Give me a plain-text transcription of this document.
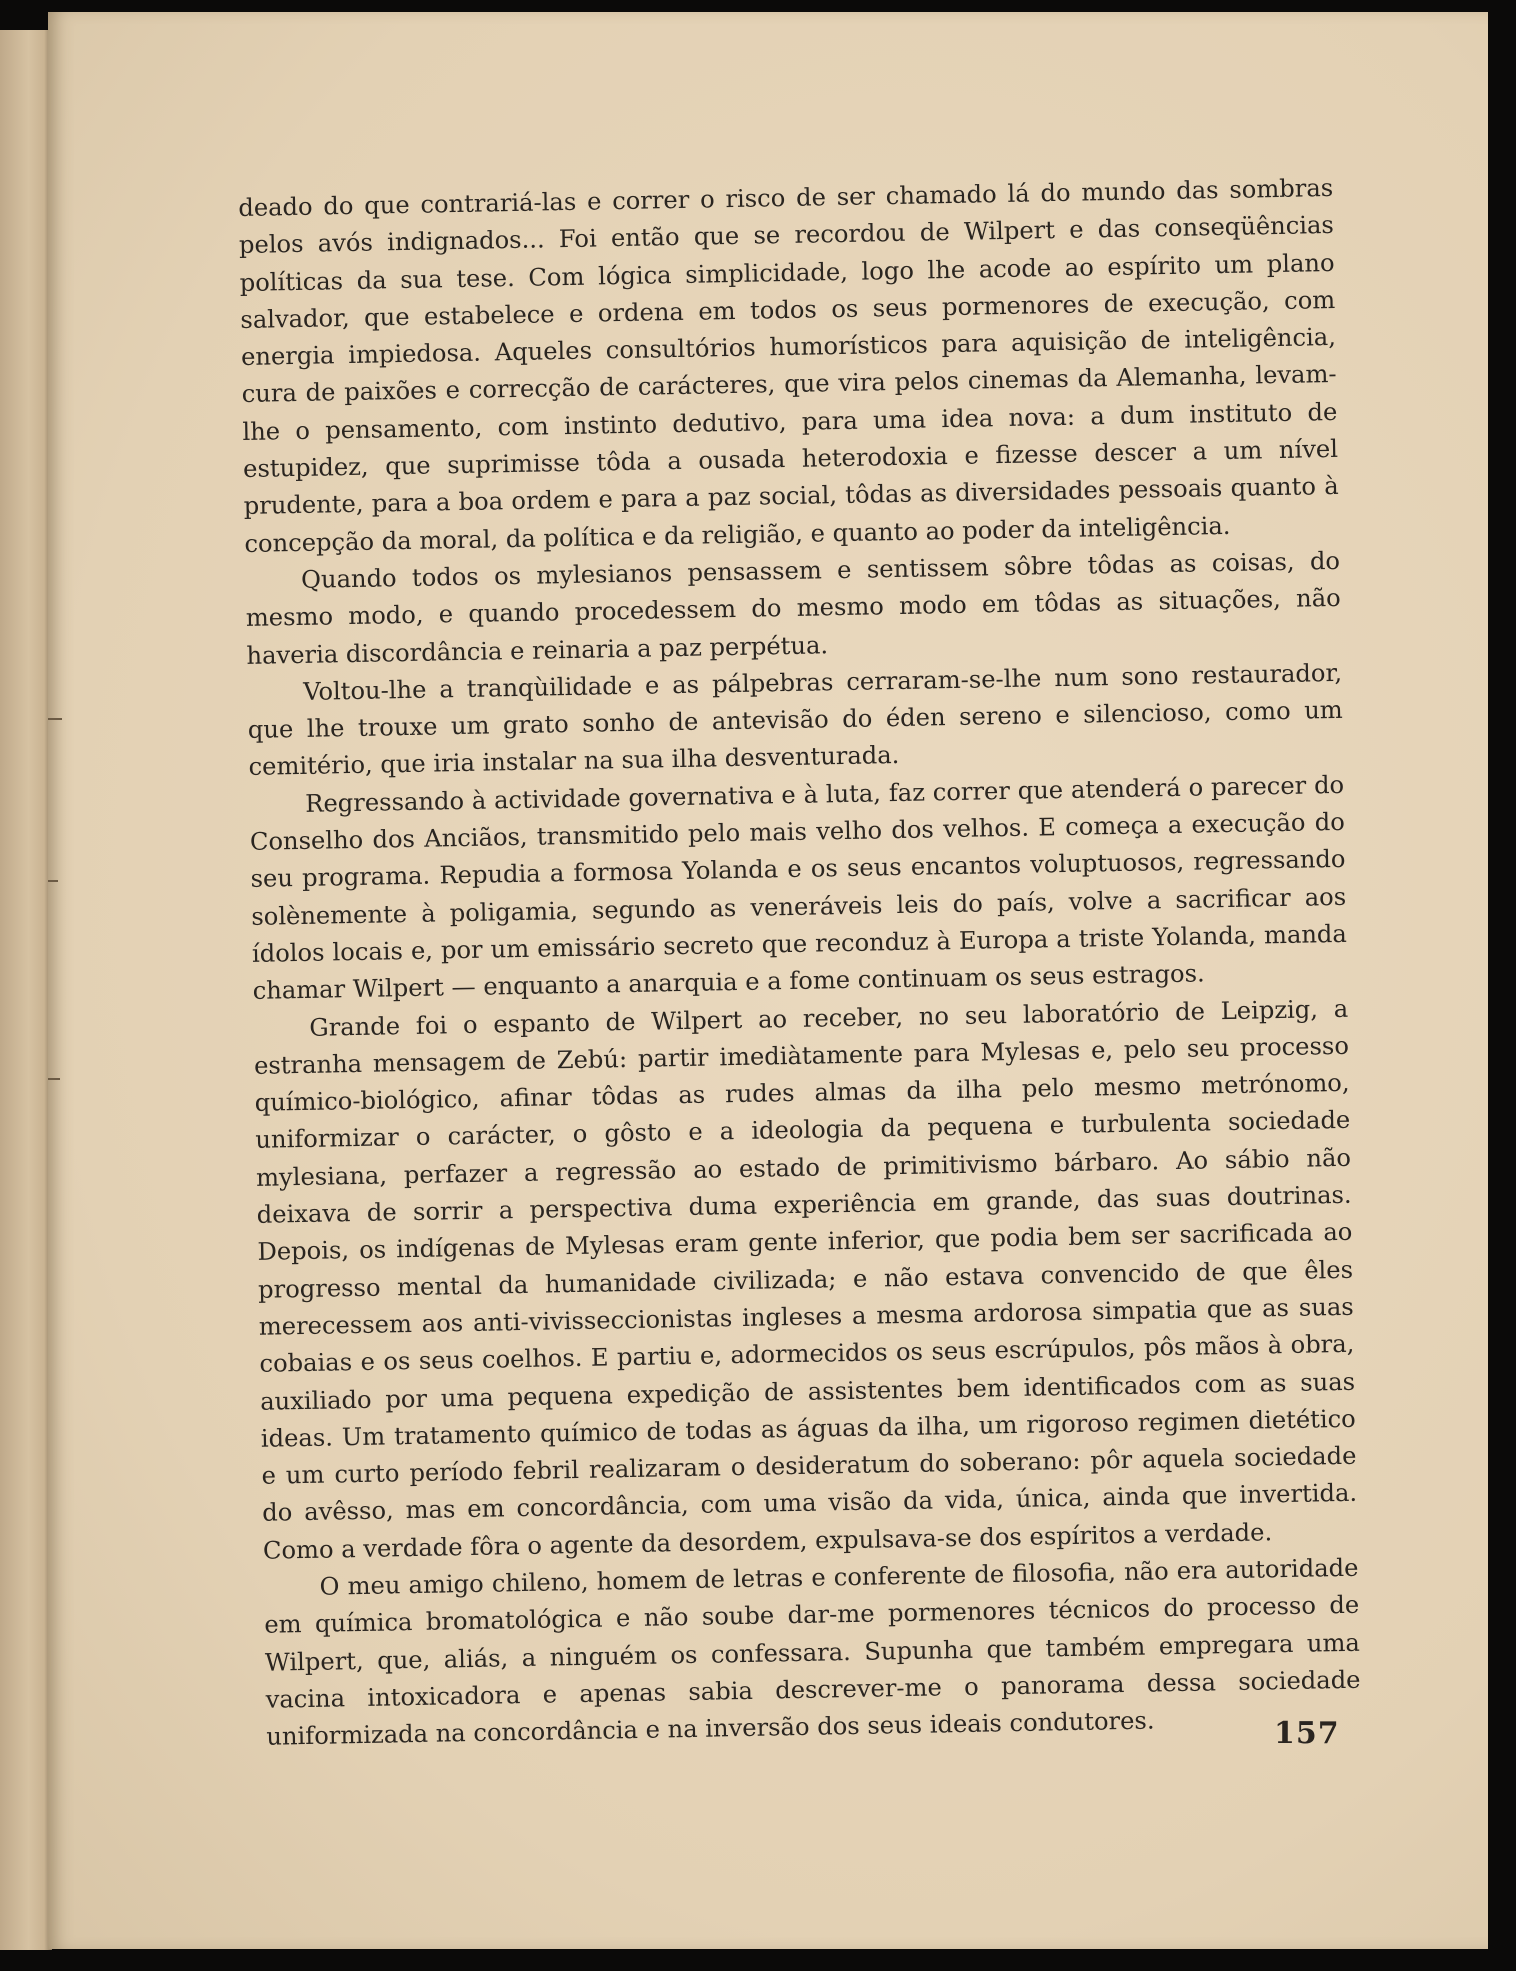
deado do que contrariá-las e correr o risco de ser chamado lá do mundo das sombras pelos avós indignados... Foi então que se recordou de Wilpert e das conseqüências políticas da sua tese. Com lógica simplicidade, logo lhe acode ao espírito um plano salvador, que estabelece e ordena em todos os seus pormenores de execução, com energia impiedosa. Aqueles consultórios humorísticos para aquisição de inteligência, cura de paixões e correcção de carácteres, que vira pelos cinemas da Alemanha, levam-lhe o pensamento, com instinto dedutivo, para uma idea nova: a dum instituto de estupidez, que suprimisse tôda a ousada heterodoxia e fizesse descer a um nível prudente, para a boa ordem e para a paz social, tôdas as diversidades pessoais quanto à concepção da moral, da política e da religião, e quanto ao poder da inteligência.

Quando todos os mylesianos pensassem e sentissem sôbre tôdas as coisas, do mesmo modo, e quando procedessem do mesmo modo em tôdas as situações, não haveria discordância e reinaria a paz perpétua.

Voltou-lhe a tranqùilidade e as pálpebras cerraram-se-lhe num sono restaurador, que lhe trouxe um grato sonho de antevisão do éden sereno e silencioso, como um cemitério, que iria instalar na sua ilha desventurada.

Regressando à actividade governativa e à luta, faz correr que atenderá o parecer do Conselho dos Anciãos, transmitido pelo mais velho dos velhos. E começa a execução do seu programa. Repudia a formosa Yolanda e os seus encantos voluptuosos, regressando solènemente à poligamia, segundo as veneráveis leis do país, volve a sacrificar aos ídolos locais e, por um emissário secreto que reconduz à Europa a triste Yolanda, manda chamar Wilpert — enquanto a anarquia e a fome continuam os seus estragos.

Grande foi o espanto de Wilpert ao receber, no seu laboratório de Leipzig, a estranha mensagem de Zebú: partir imediàtamente para Mylesas e, pelo seu processo químico-biológico, afinar tôdas as rudes almas da ilha pelo mesmo metrónomo, uniformizar o carácter, o gôsto e a ideologia da pequena e turbulenta sociedade mylesiana, perfazer a regressão ao estado de primitivismo bárbaro. Ao sábio não deixava de sorrir a perspectiva duma experiência em grande, das suas doutrinas. Depois, os indígenas de Mylesas eram gente inferior, que podia bem ser sacrificada ao progresso mental da humanidade civilizada; e não estava convencido de que êles merecessem aos anti-vivisseccionistas ingleses a mesma ardorosa simpatia que as suas cobaias e os seus coelhos. E partiu e, adormecidos os seus escrúpulos, pôs mãos à obra, auxiliado por uma pequena expedição de assistentes bem identificados com as suas ideas. Um tratamento químico de todas as águas da ilha, um rigoroso regimen dietético e um curto período febril realizaram o desideratum do soberano: pôr aquela sociedade do avêsso, mas em concordância, com uma visão da vida, única, ainda que invertida. Como a verdade fôra o agente da desordem, expulsava-se dos espíritos a verdade.

O meu amigo chileno, homem de letras e conferente de filosofia, não era autoridade em química bromatológica e não soube dar-me pormenores técnicos do processo de Wilpert, que, aliás, a ninguém os confessara. Supunha que também empregara uma vacina intoxicadora e apenas sabia descrever-me o panorama dessa sociedade uniformizada na concordância e na inversão dos seus ideais condutores.	157
